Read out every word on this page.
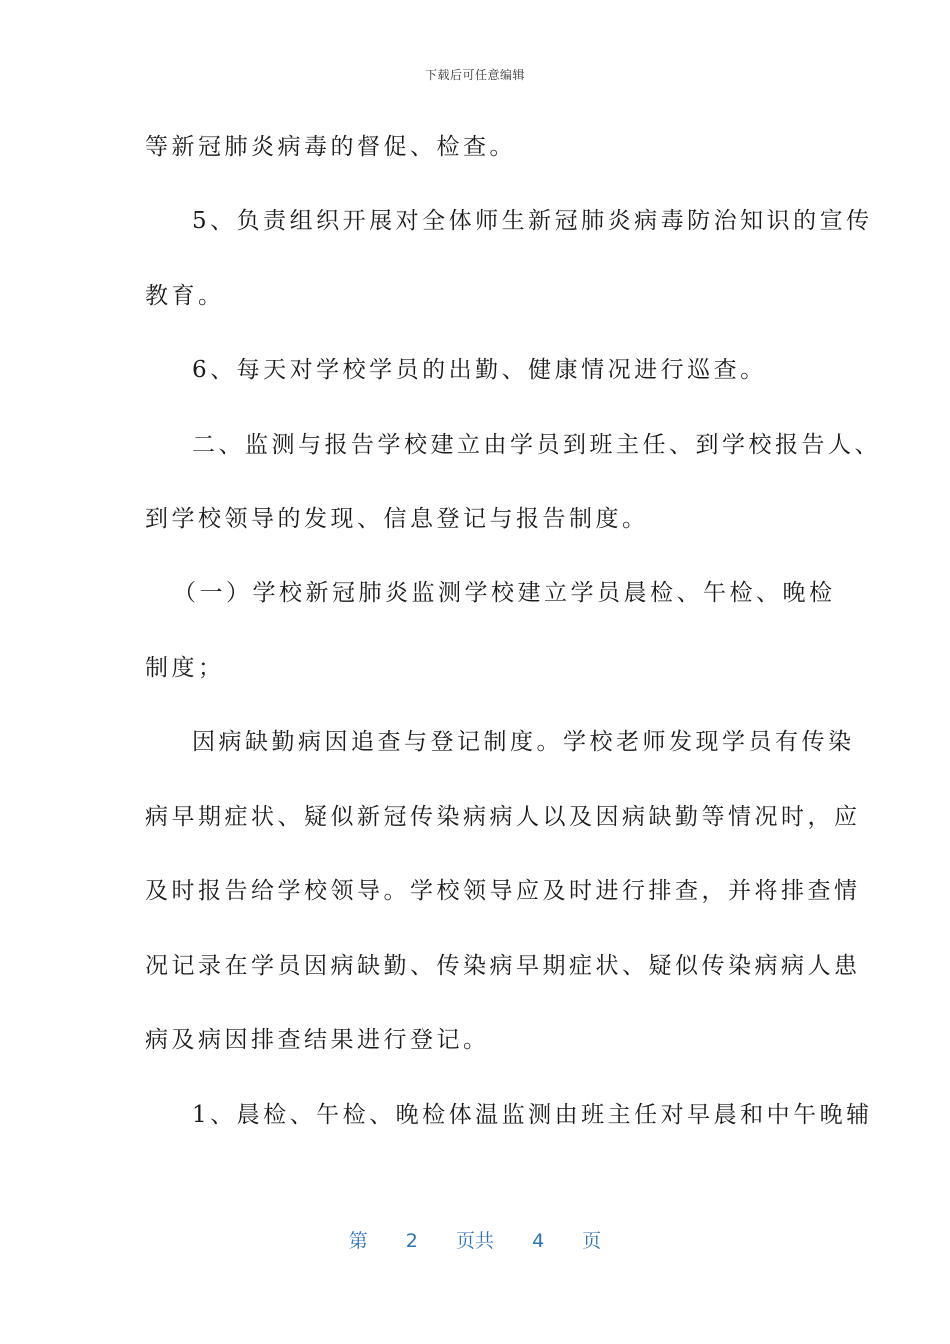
下载后可任意编辑
等新冠肺炎病毒的督促、检查。
5、负责组织开展对全体师生新冠肺炎病毒防治知识的宣传
教育。
6、每天对学校学员的出勤、健康情况进行巡查。
二、监测与报告学校建立由学员到班主任、到学校报告人、
到学校领导的发现、信息登记与报告制度。
（一）学校新冠肺炎监测学校建立学员晨检、午检、晚检
制度；
因病缺勤病因追查与登记制度。学校老师发现学员有传染
病早期症状、疑似新冠传染病病人以及因病缺勤等情况时，应
及时报告给学校领导。学校领导应及时进行排查，并将排查情
况记录在学员因病缺勤、传染病早期症状、疑似传染病病人患
病及病因排查结果进行登记。
1、晨检、午检、晚检体温监测由班主任对早晨和中午晚辅
第 2 页共 4 页
